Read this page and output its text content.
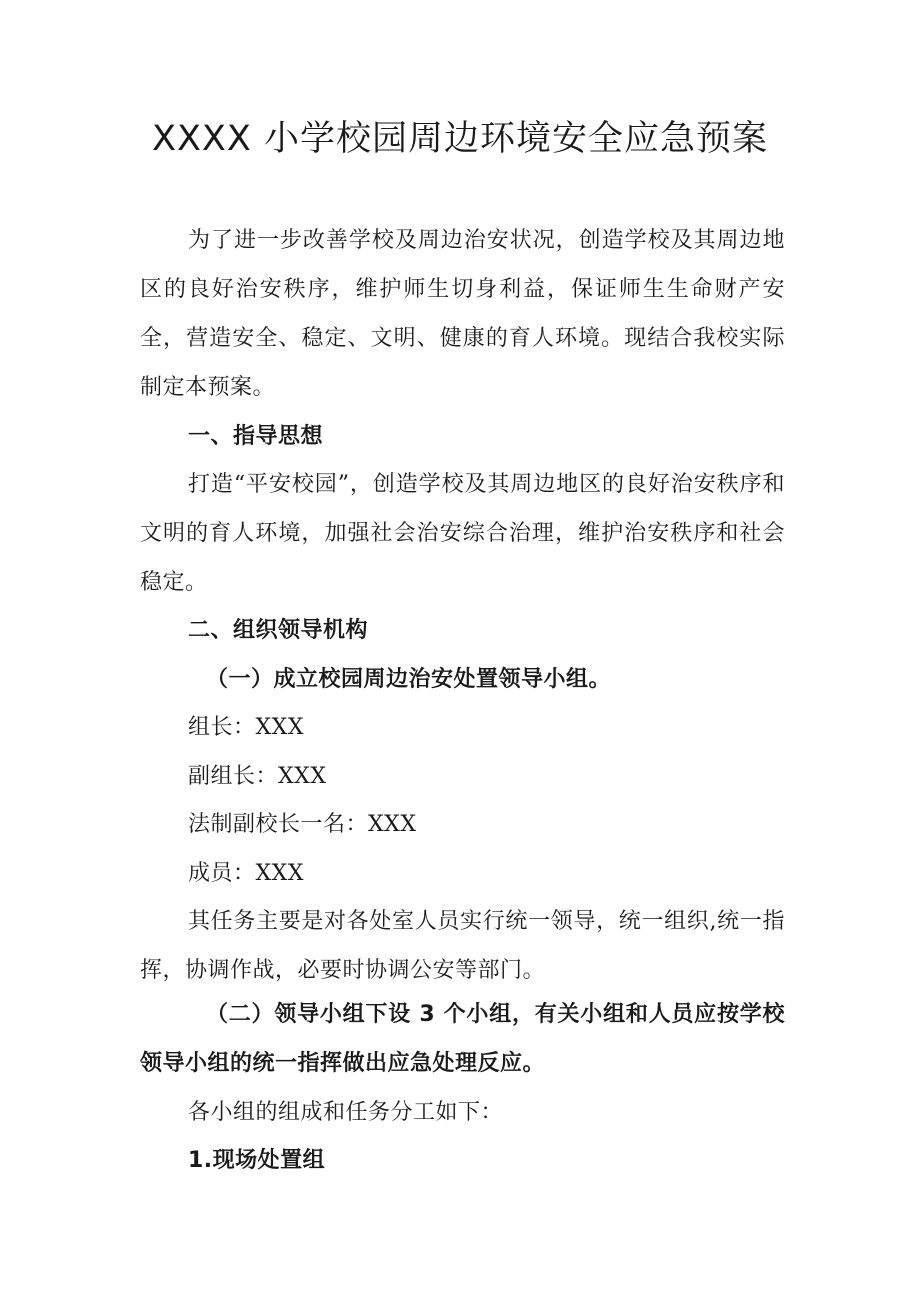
XXXX 小学校园周边环境安全应急预案

为了进一步改善学校及周边治安状况，创造学校及其周边地区的良好治安秩序，维护师生切身利益，保证师生生命财产安全，营造安全、稳定、文明、健康的育人环境。现结合我校实际制定本预案。

一、指导思想

打造“平安校园”，创造学校及其周边地区的良好治安秩序和文明的育人环境，加强社会治安综合治理，维护治安秩序和社会稳定。

二、组织领导机构

（一）成立校园周边治安处置领导小组。

组长：XXX

副组长：XXX

法制副校长一名：XXX

成员：XXX

其任务主要是对各处室人员实行统一领导，统一组织,统一指挥，协调作战，必要时协调公安等部门。

（二）领导小组下设 3 个小组，有关小组和人员应按学校领导小组的统一指挥做出应急处理反应。

各小组的组成和任务分工如下：

1.现场处置组
